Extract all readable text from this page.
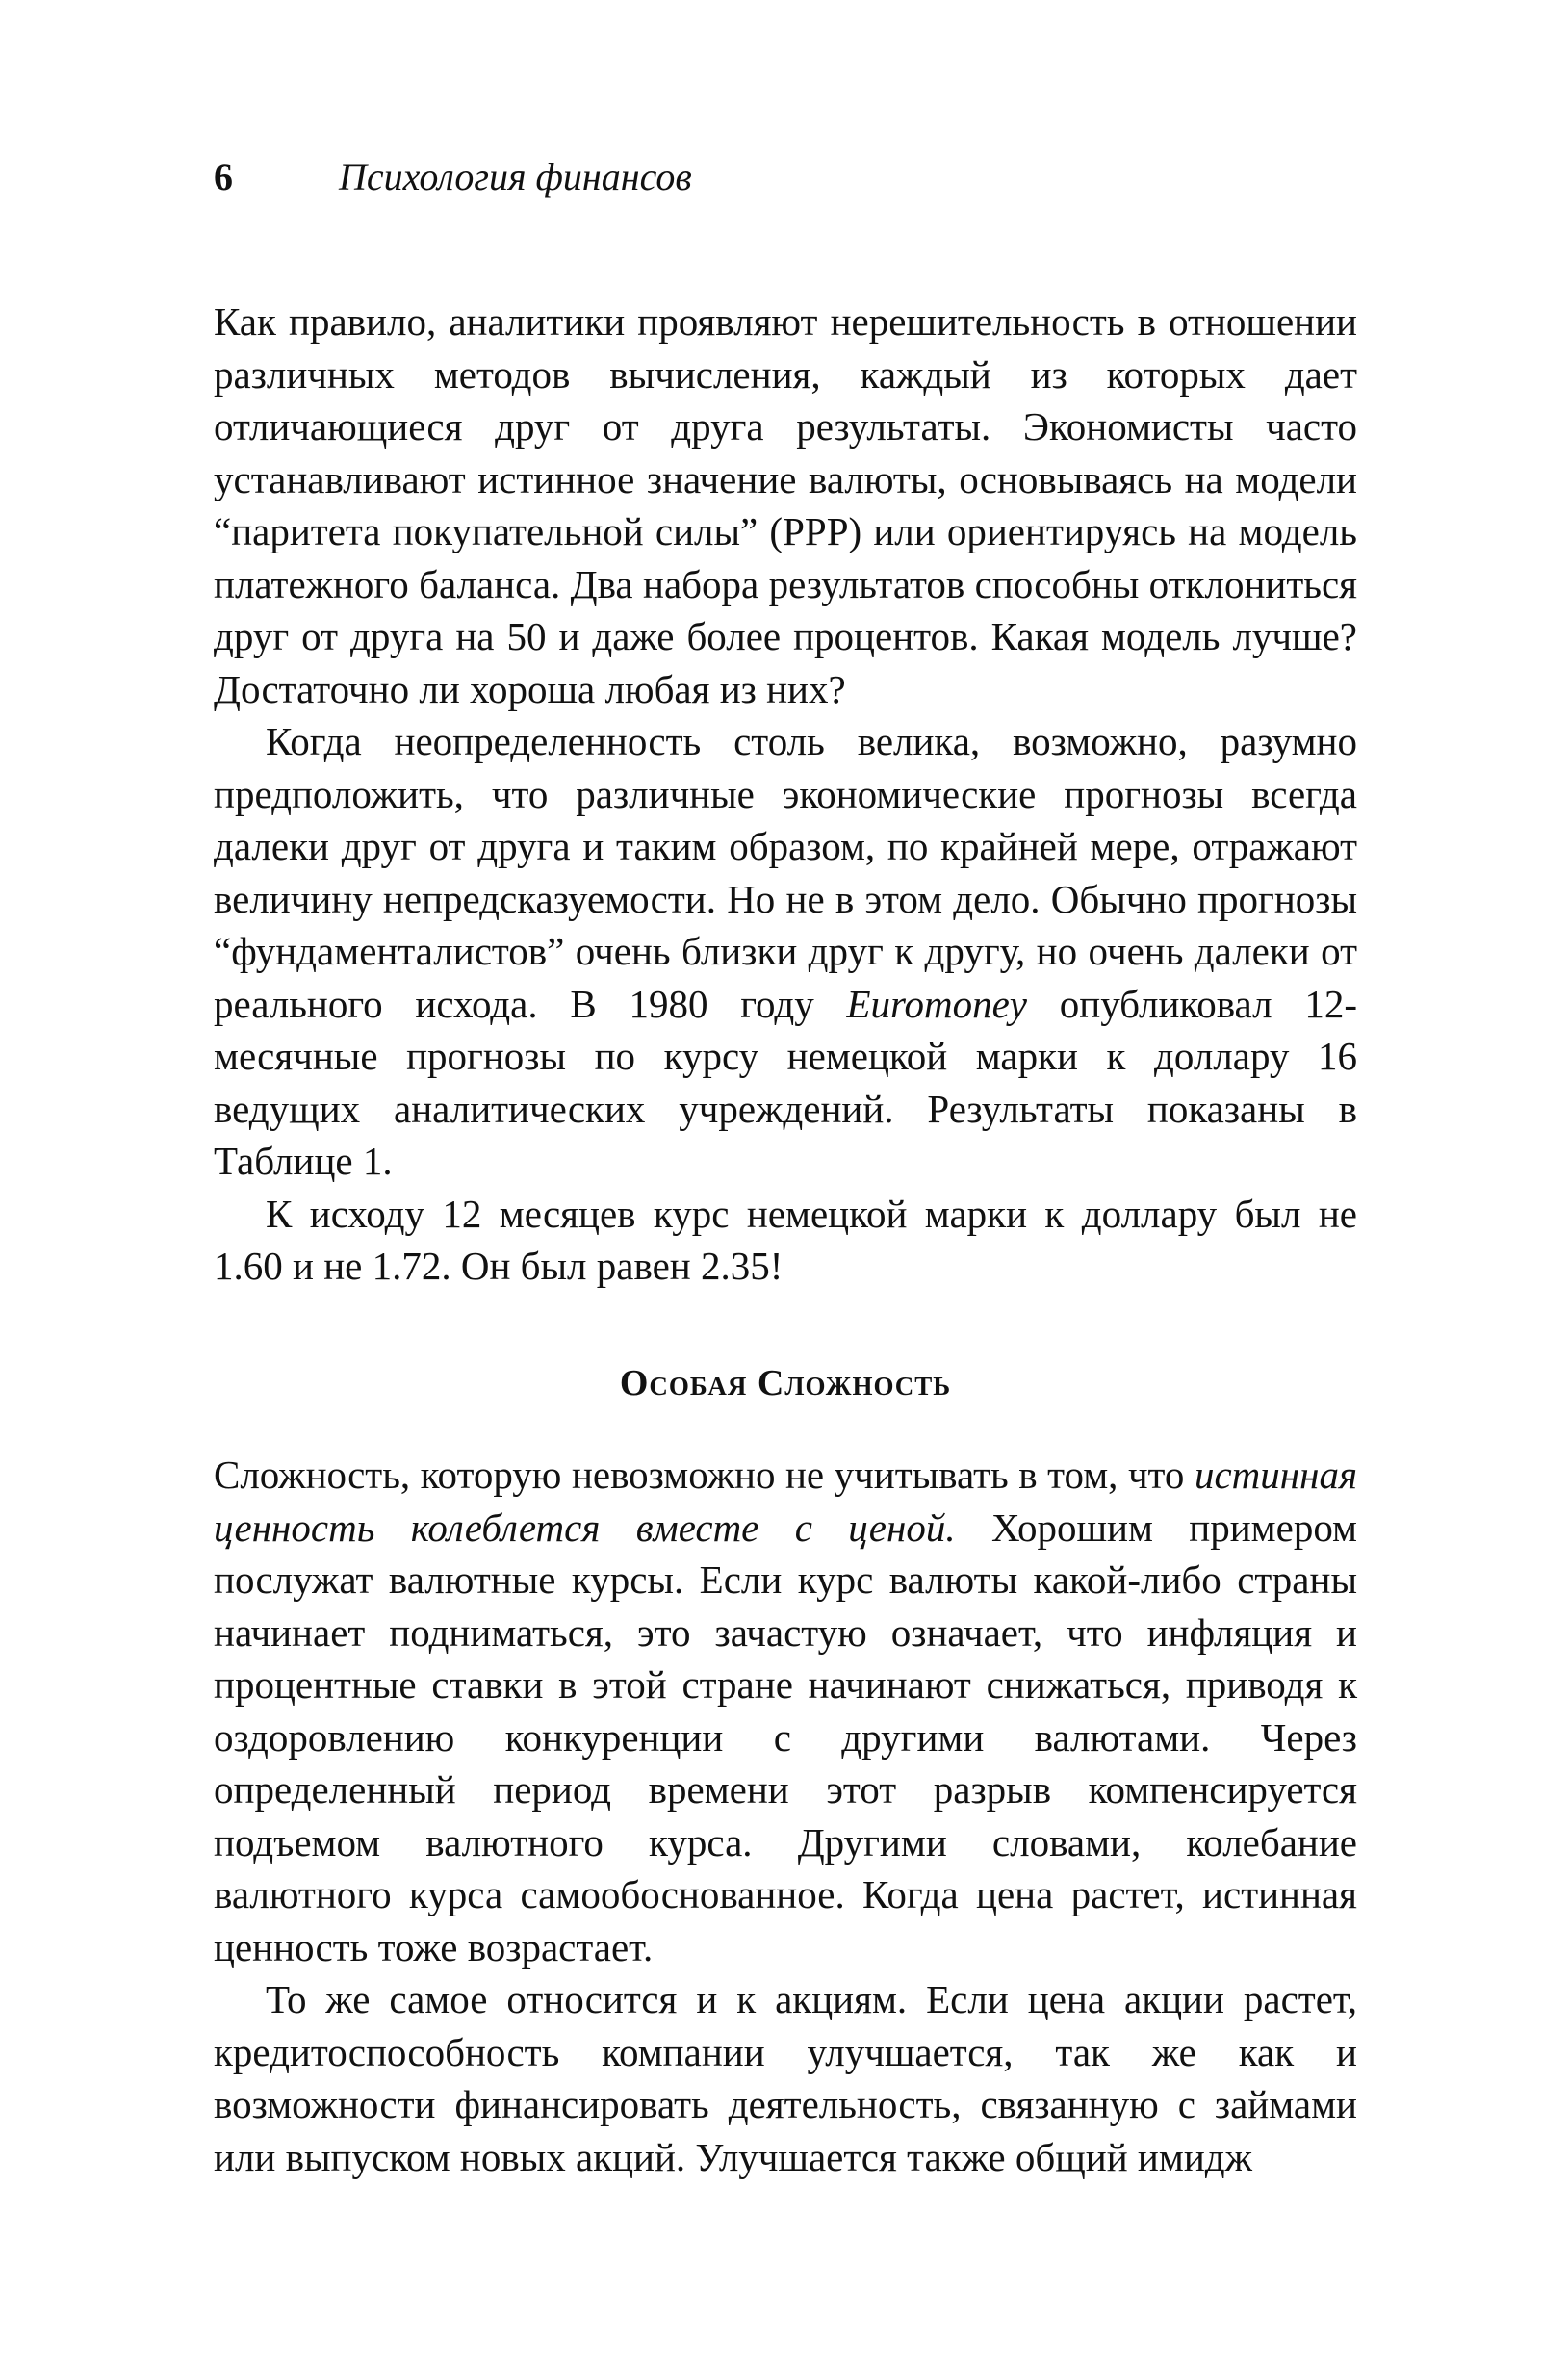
6	Психология финансов

Как правило, аналитики проявляют нерешительность в отношении различных методов вычисления, каждый из которых дает отличающиеся друг от друга результаты. Экономисты часто устанавливают истинное значение валюты, основываясь на модели “паритета покупательной силы” (PPP) или ориентируясь на модель платежного баланса. Два набора результатов способны отклониться друг от друга на 50 и даже более процентов. Какая модель лучше? Достаточно ли хороша любая из них?

Когда неопределенность столь велика, возможно, разумно предположить, что различные экономические прогнозы всегда далеки друг от друга и таким образом, по крайней мере, отражают величину непредсказуемости. Но не в этом дело. Обычно прогнозы “фундаменталистов” очень близки друг к другу, но очень далеки от реального исхода. В 1980 году Euromoney опубликовал 12-месячные прогнозы по курсу немецкой марки к доллару 16 ведущих аналитических учреждений. Результаты показаны в Таблице 1.

К исходу 12 месяцев курс немецкой марки к доллару был не 1.60 и не 1.72. Он был равен 2.35!

Особая Сложность

Сложность, которую невозможно не учитывать в том, что истинная ценность колеблется вместе с ценой. Хорошим примером послужат валютные курсы. Если курс валюты какой-либо страны начинает подниматься, это зачастую означает, что инфляция и процентные ставки в этой стране начинают снижаться, приводя к оздоровлению конкуренции с другими валютами. Через определенный период времени этот разрыв компенсируется подъемом валютного курса. Другими словами, колебание валютного курса самообоснованное. Когда цена растет, истинная ценность тоже возрастает.

То же самое относится и к акциям. Если цена акции растет, кредитоспособность компании улучшается, так же как и возможности финансировать деятельность, связанную с займами или выпуском новых акций. Улучшается также общий имидж
